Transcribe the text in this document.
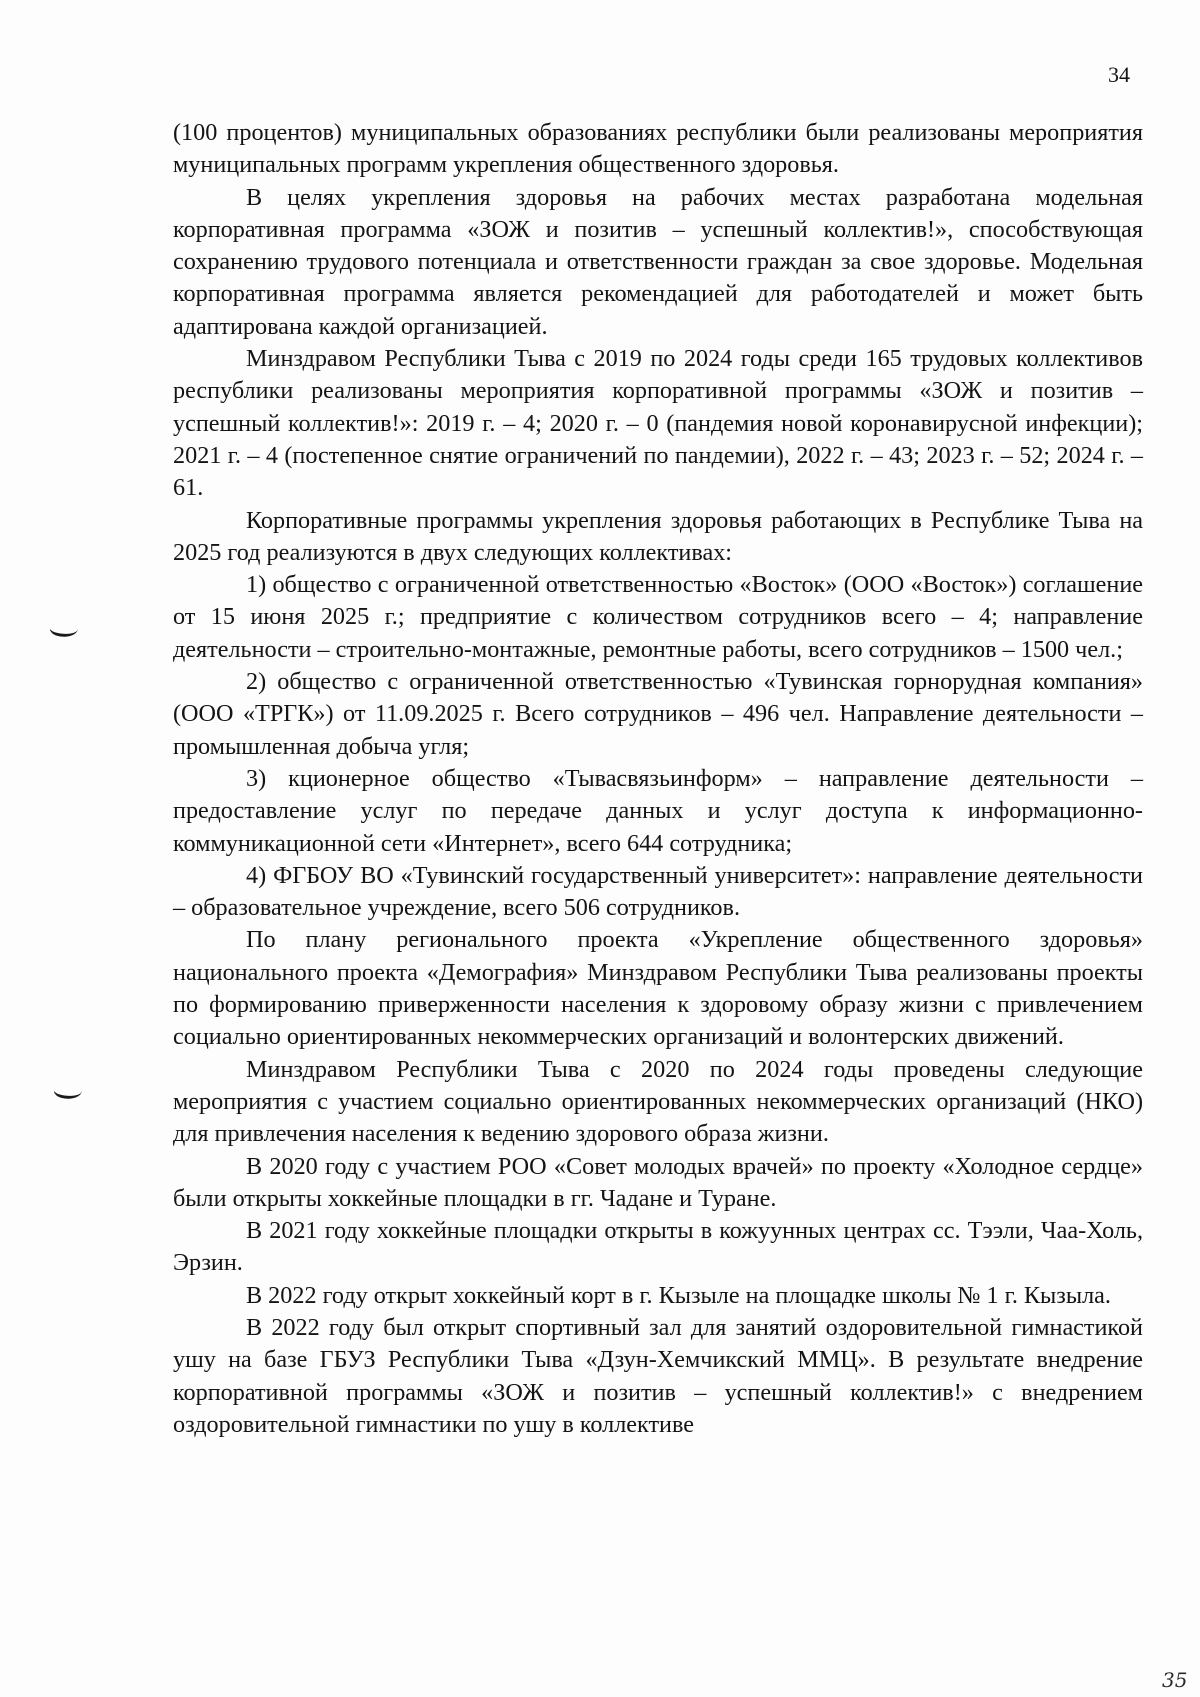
34

(100 процентов) муниципальных образованиях республики были реализованы мероприятия муниципальных программ укрепления общественного здоровья.

В целях укрепления здоровья на рабочих местах разработана модельная корпоративная программа «ЗОЖ и позитив – успешный коллектив!», способствующая сохранению трудового потенциала и ответственности граждан за свое здоровье. Модельная корпоративная программа является рекомендацией для работодателей и может быть адаптирована каждой организацией.

Минздравом Республики Тыва с 2019 по 2024 годы среди 165 трудовых коллективов республики реализованы мероприятия корпоративной программы «ЗОЖ и позитив – успешный коллектив!»: 2019 г. – 4; 2020 г. – 0 (пандемия новой коронавирусной инфекции); 2021 г. – 4 (постепенное снятие ограничений по пандемии), 2022 г. – 43; 2023 г. – 52; 2024 г. – 61.

Корпоративные программы укрепления здоровья работающих в Республике Тыва на 2025 год реализуются в двух следующих коллективах:

1) общество с ограниченной ответственностью «Восток» (ООО «Восток») соглашение от 15 июня 2025 г.; предприятие с количеством сотрудников всего – 4; направление деятельности – строительно-монтажные, ремонтные работы, всего сотрудников – 1500 чел.;

2) общество с ограниченной ответственностью «Тувинская горнорудная компания» (ООО «ТРГК») от 11.09.2025 г. Всего сотрудников – 496 чел. Направление деятельности – промышленная добыча угля;

3) кционерное общество «Тывасвязьинформ» – направление деятельности – предоставление услуг по передаче данных и услуг доступа к информационно-коммуникационной сети «Интернет», всего 644 сотрудника;

4) ФГБОУ ВО «Тувинский государственный университет»: направление деятельности – образовательное учреждение, всего 506 сотрудников.

По плану регионального проекта «Укрепление общественного здоровья» национального проекта «Демография» Минздравом Республики Тыва реализованы проекты по формированию приверженности населения к здоровому образу жизни с привлечением социально ориентированных некоммерческих организаций и волонтерских движений.

Минздравом Республики Тыва с 2020 по 2024 годы проведены следующие мероприятия с участием социально ориентированных некоммерческих организаций (НКО) для привлечения населения к ведению здорового образа жизни.

В 2020 году с участием РОО «Совет молодых врачей» по проекту «Холодное сердце» были открыты хоккейные площадки в гг. Чадане и Туране.

В 2021 году хоккейные площадки открыты в кожуунных центрах сс. Тээли, Чаа-Холь, Эрзин.

В 2022 году открыт хоккейный корт в г. Кызыле на площадке школы № 1 г. Кызыла.

В 2022 году был открыт спортивный зал для занятий оздоровительной гимнастикой ушу на базе ГБУЗ Республики Тыва «Дзун-Хемчикский ММЦ». В результате внедрение корпоративной программы «ЗОЖ и позитив – успешный коллектив!» с внедрением оздоровительной гимнастики по ушу в коллективе

35
